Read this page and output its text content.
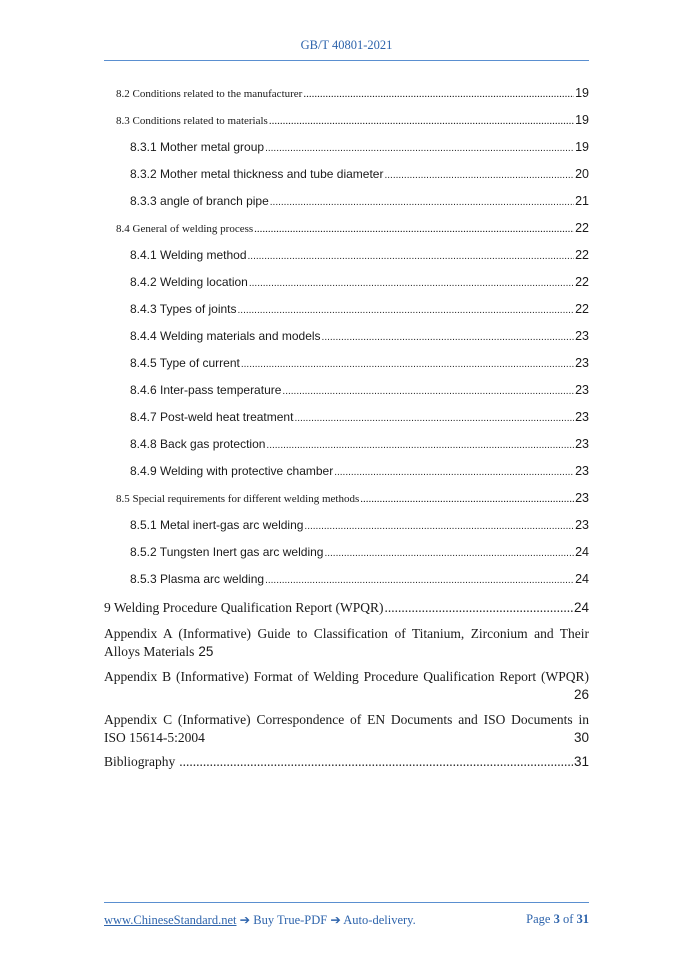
GB/T 40801-2021
8.2 Conditions related to the manufacturer .....	19
8.3 Conditions related to materials .....	19
8.3.1 Mother metal group .....	19
8.3.2 Mother metal thickness and tube diameter .....	20
8.3.3 angle of branch pipe .....	21
8.4 General of welding process .....	22
8.4.1 Welding method .....	22
8.4.2 Welding location .....	22
8.4.3 Types of joints .....	22
8.4.4 Welding materials and models .....	23
8.4.5 Type of current .....	23
8.4.6 Inter-pass temperature .....	23
8.4.7 Post-weld heat treatment .....	23
8.4.8 Back gas protection .....	23
8.4.9 Welding with protective chamber .....	23
8.5 Special requirements for different welding methods .....	23
8.5.1 Metal inert-gas arc welding .....	23
8.5.2 Tungsten Inert gas arc welding .....	24
8.5.3 Plasma arc welding .....	24
9 Welding Procedure Qualification Report (WPQR) .....	24
Appendix A (Informative) Guide to Classification of Titanium, Zirconium and Their
Alloys Materials 25
Appendix B (Informative) Format of Welding Procedure Qualification Report (WPQR)
26
Appendix C (Informative) Correspondence of EN Documents and ISO Documents in
ISO 15614-5:2004	30
Bibliography .....	31
www.ChineseStandard.net ➔ Buy True-PDF ➔ Auto-delivery.	Page 3 of 31
